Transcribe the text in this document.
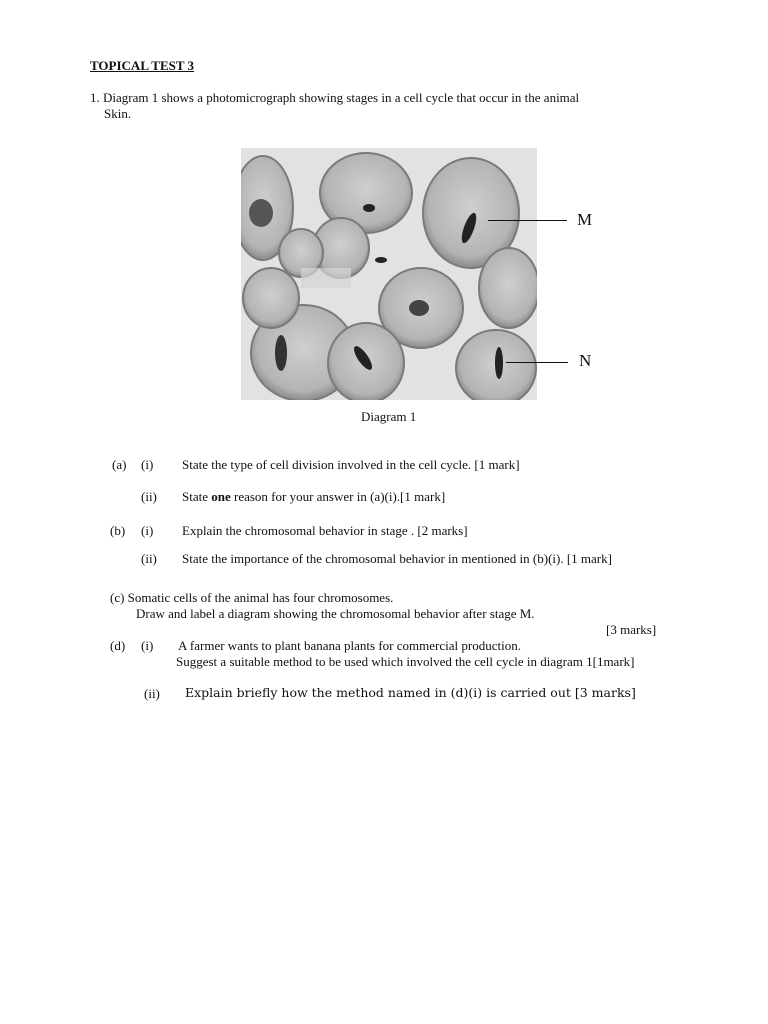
TOPICAL TEST 3
1. Diagram 1 shows a photomicrograph showing stages in a cell cycle that occur in the animal
Skin.
M
N
Diagram 1
(a) (i) State the type of cell division involved in the cell cycle. [1 mark]
(ii) State one reason for your answer in (a)(i).[1 mark]
(b) (i) Explain the chromosomal behavior in stage . [2 marks]
(ii) State the importance of the chromosomal behavior in mentioned in (b)(i). [1 mark]
(c) Somatic cells of the animal has four chromosomes.
Draw and label a diagram showing the chromosomal behavior after stage M.
[3 marks]
(d) (i) A farmer wants to plant banana plants for commercial production.
Suggest a suitable method to be used which involved the cell cycle in diagram 1[1mark]
(ii) Explain briefly how the method named in (d)(i) is carried out [3 marks]
